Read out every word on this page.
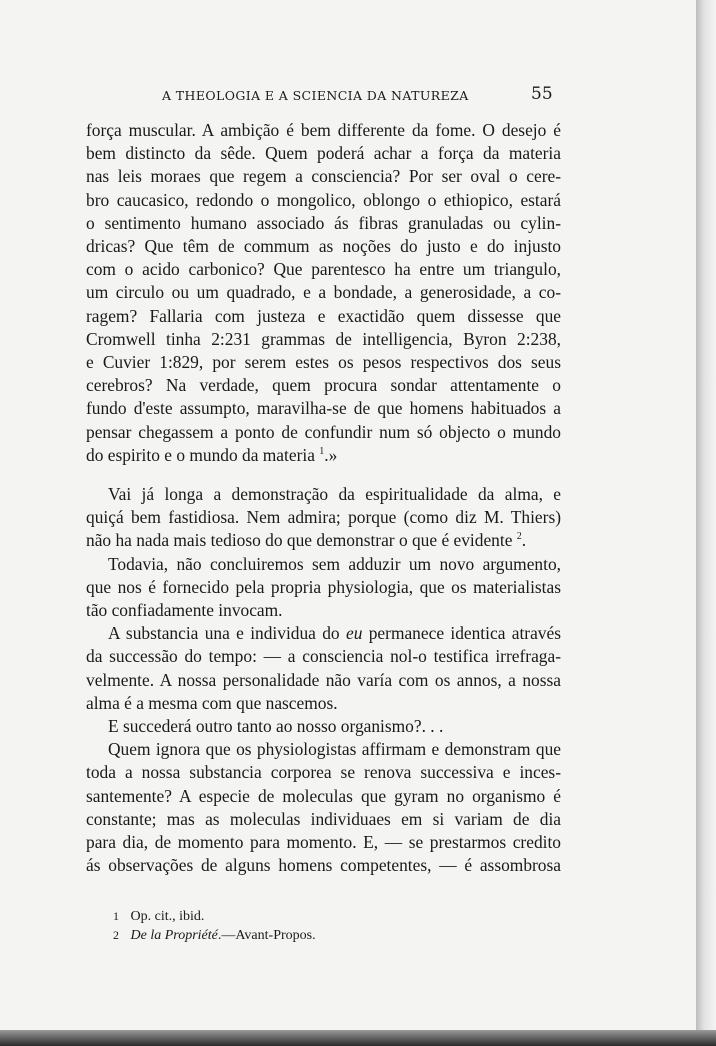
A THEOLOGIA E A SCIENCIA DA NATUREZA	55

força muscular. A ambição é bem differente da fome. O desejo é

bem distincto da sêde. Quem poderá achar a força da materia

nas leis moraes que regem a consciencia? Por ser oval o cere-

bro caucasico, redondo o mongolico, oblongo o ethiopico, estará

o sentimento humano associado ás fibras granuladas ou cylin-

dricas? Que têm de commum as noções do justo e do injusto

com o acido carbonico? Que parentesco ha entre um triangulo,

um circulo ou um quadrado, e a bondade, a generosidade, a co-

ragem? Fallaria com justeza e exactidão quem dissesse que

Cromwell tinha 2:231 grammas de intelligencia, Byron 2:238,

e Cuvier 1:829, por serem estes os pesos respectivos dos seus

cerebros? Na verdade, quem procura sondar attentamente o

fundo d'este assumpto, maravilha-se de que homens habituados a

pensar chegassem a ponto de confundir num só objecto o mundo

do espirito e o mundo da materia $^1$.»

Vai já longa a demonstração da espiritualidade da alma, e

quiçá bem fastidiosa. Nem admira; porque (como diz M. Thiers)

não ha nada mais tedioso do que demonstrar o que é evidente $^2$.

Todavia, não concluiremos sem adduzir um novo argumento,

que nos é fornecido pela propria physiologia, que os materialistas

tão confiadamente invocam.

A substancia una e individua do eu permanece identica através

da successão do tempo: — a consciencia nol-o testifica irrefraga-

velmente. A nossa personalidade não varía com os annos, a nossa

alma é a mesma com que nascemos.

E succederá outro tanto ao nosso organismo?. . .

Quem ignora que os physiologistas affirmam e demonstram que

toda a nossa substancia corporea se renova successiva e inces-

santemente? A especie de moleculas que gyram no organismo é

constante; mas as moleculas individuaes em si variam de dia

para dia, de momento para momento. E, — se prestarmos credito

ás observações de alguns homens competentes, — é assombrosa

1 Op. cit., ibid.
2 De la Propriété.—Avant-Propos.
